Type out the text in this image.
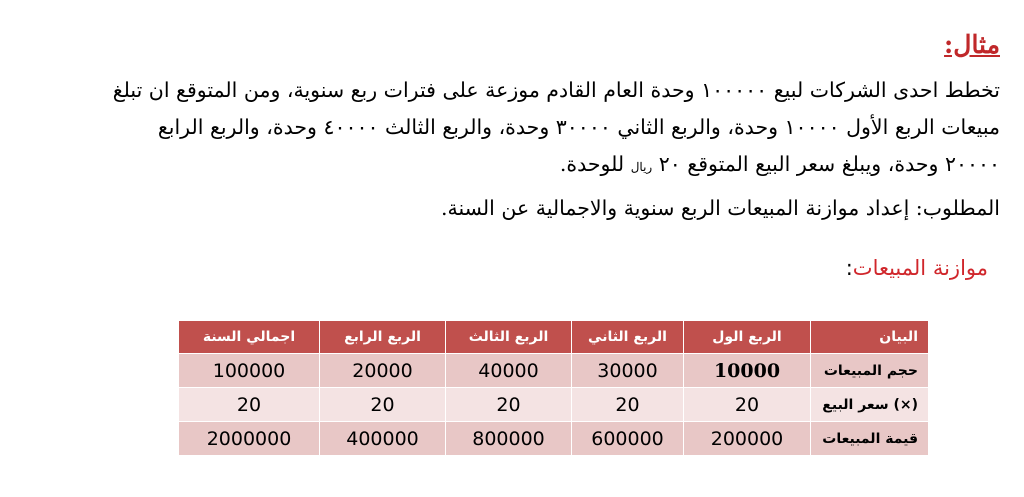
مثال:
تخطط احدى الشركات لبيع ١٠٠٠٠٠ وحدة العام القادم موزعة على فترات ربع سنوية، ومن المتوقع ان تبلغ
مبيعات الربع الأول ١٠٠٠٠ وحدة، والربع الثاني ٣٠٠٠٠ وحدة، والربع الثالث ٤٠٠٠٠ وحدة، والربع الرابع
٢٠٠٠٠ وحدة، ويبلغ سعر البيع المتوقع ٢٠ ريال للوحدة.
المطلوب: إعداد موازنة المبيعات الربع سنوية والاجمالية عن السنة.
موازنة المبيعات:
البيان	الربع الول	الربع الثاني	الربع الثالث	الربع الرابع	اجمالي السنة
حجم المبيعات	10000	30000	40000	20000	100000
(×) سعر البيع	20	20	20	20	20
قيمة المبيعات	200000	600000	800000	400000	2000000
